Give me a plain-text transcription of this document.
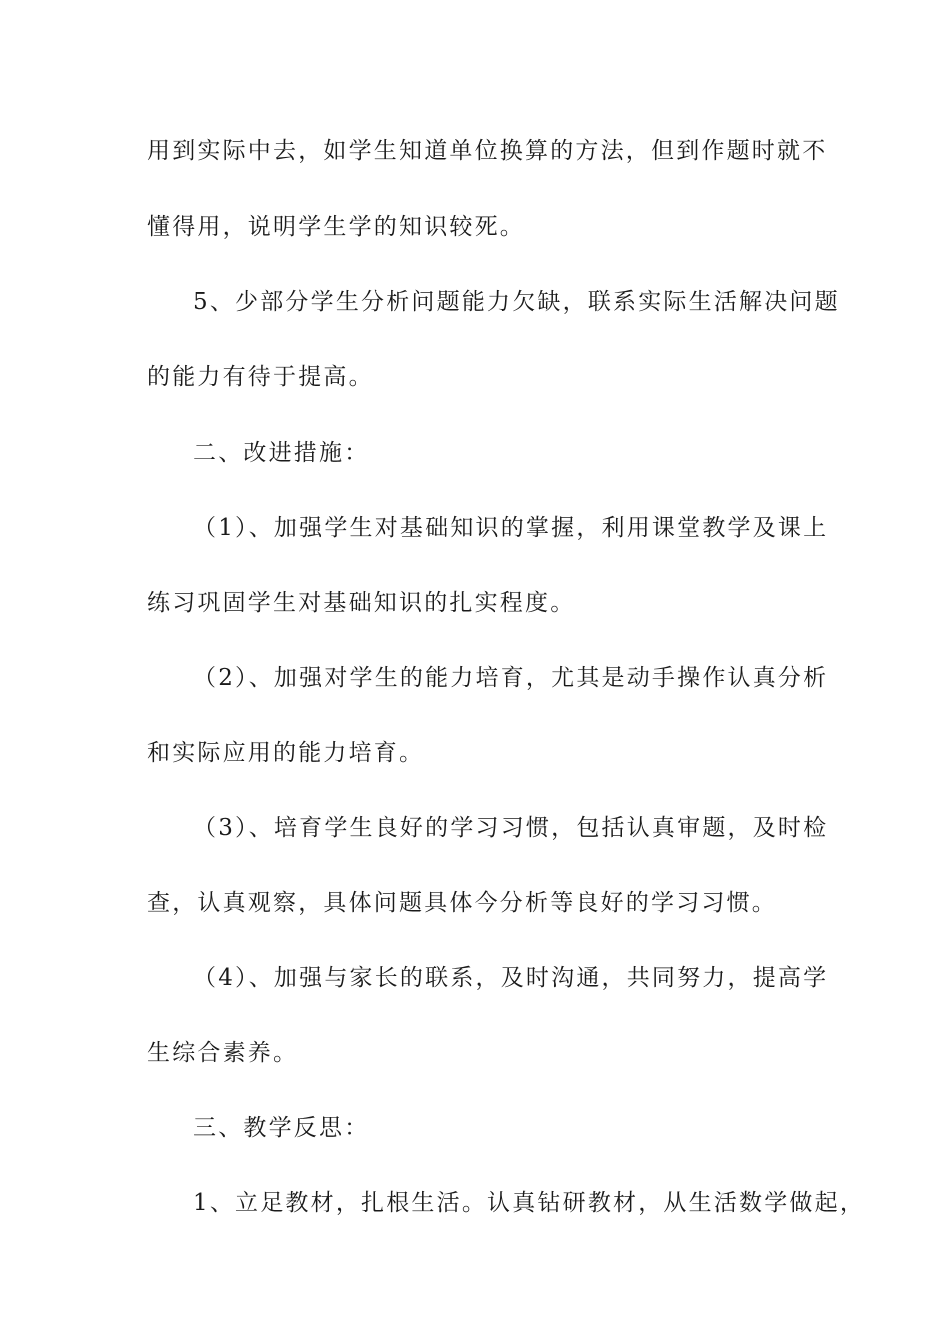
用到实际中去，如学生知道单位换算的方法，但到作题时就不
懂得用，说明学生学的知识较死。
5、少部分学生分析问题能力欠缺，联系实际生活解决问题
的能力有待于提高。
二、改进措施：
（1）、加强学生对基础知识的掌握，利用课堂教学及课上
练习巩固学生对基础知识的扎实程度。
（2）、加强对学生的能力培育，尤其是动手操作认真分析
和实际应用的能力培育。
（3）、培育学生良好的学习习惯，包括认真审题，及时检
查，认真观察，具体问题具体今分析等良好的学习习惯。
（4）、加强与家长的联系，及时沟通，共同努力，提高学
生综合素养。
三、教学反思：
1、立足教材，扎根生活。认真钻研教材，从生活数学做起，
